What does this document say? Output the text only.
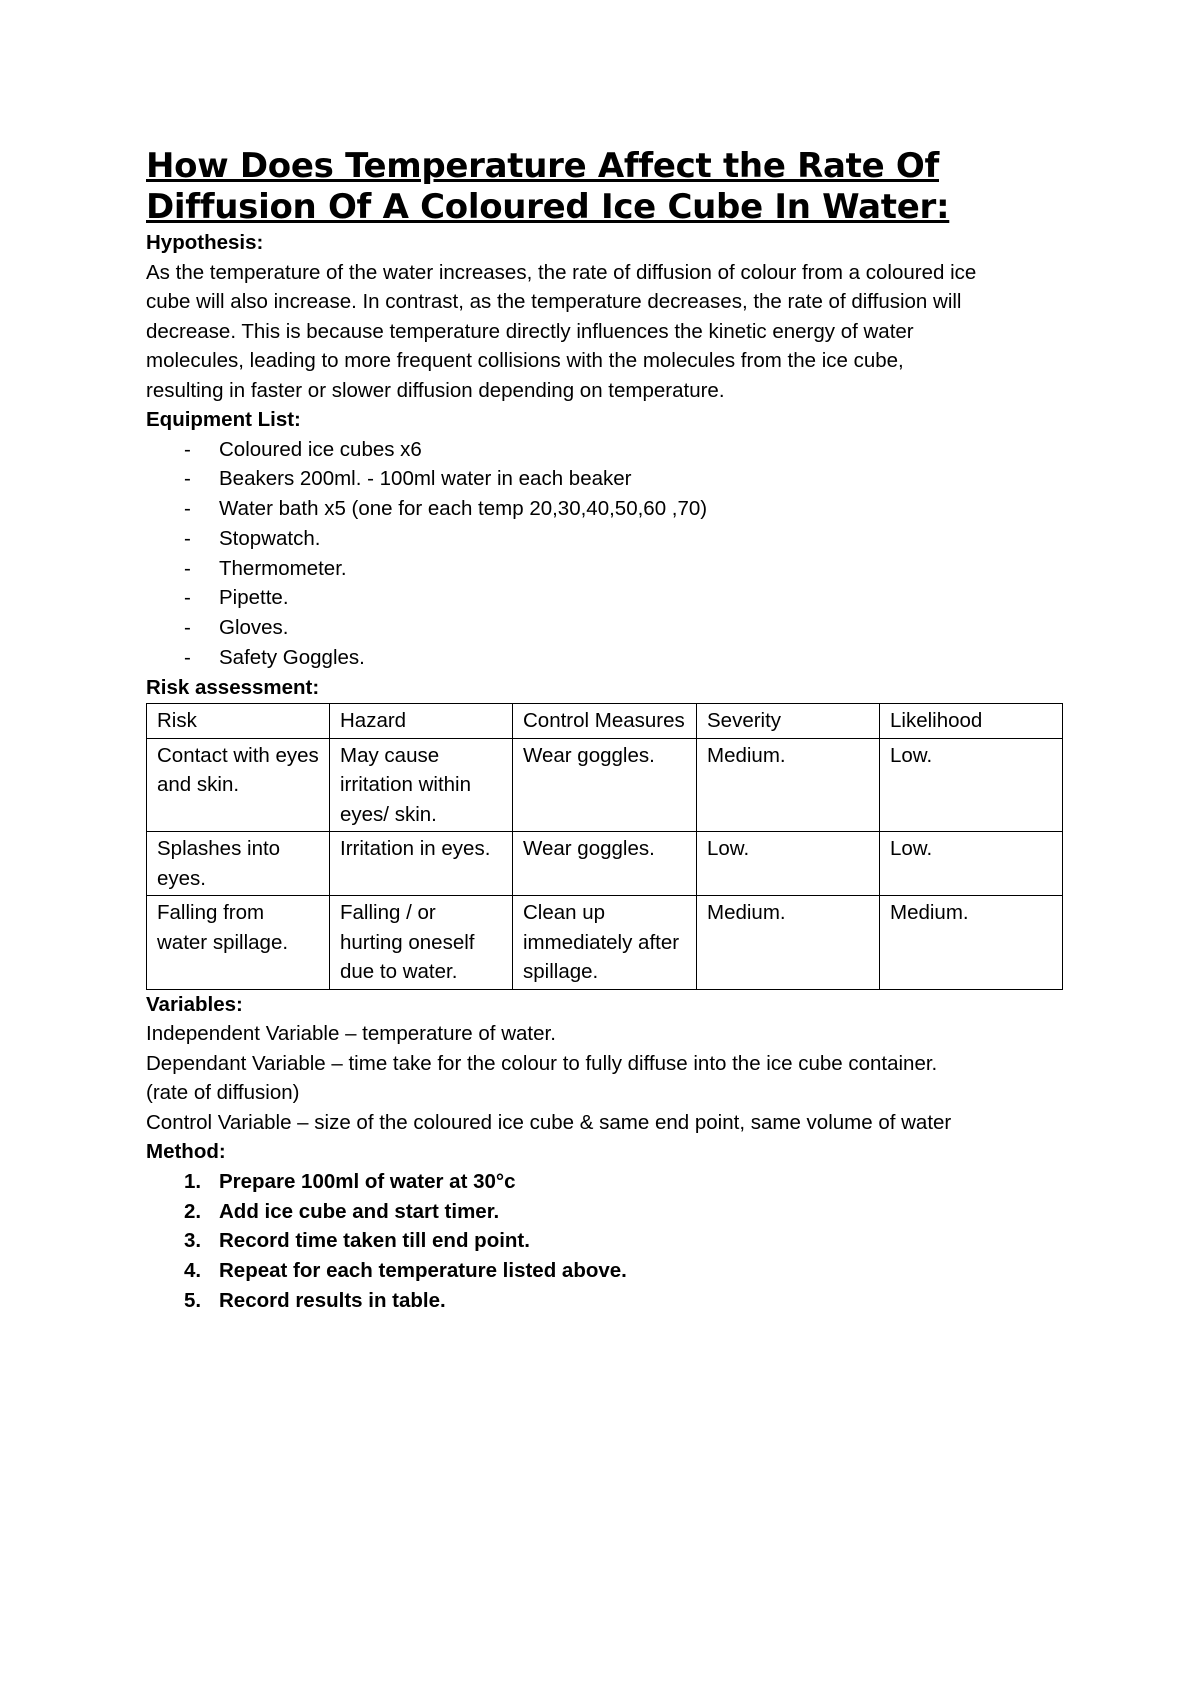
How Does Temperature Affect the Rate Of
Diffusion Of A Coloured Ice Cube In Water:
Hypothesis:

As the temperature of the water increases, the rate of diffusion of colour from a coloured ice

cube will also increase. In contrast, as the temperature decreases, the rate of diffusion will

decrease. This is because temperature directly influences the kinetic energy of water

molecules, leading to more frequent collisions with the molecules from the ice cube,

resulting in faster or slower diffusion depending on temperature.

Equipment List:
- Coloured ice cubes x6
- Beakers 200ml. - 100ml water in each beaker
- Water bath x5 (one for each temp 20,30,40,50,60 ,70)
- Stopwatch.
- Thermometer.
- Pipette.
- Gloves.
- Safety Goggles.
Risk assessment:
Risk	Hazard	Control Measures	Severity	Likelihood
Contact with eyes and skin.	May cause irritation within eyes/ skin.	Wear goggles.	Medium.	Low.
Splashes into eyes.	Irritation in eyes.	Wear goggles.	Low.	Low.
Falling from water spillage.	Falling / or hurting oneself due to water.	Clean up immediately after spillage.	Medium.	Medium.
Variables:

Independent Variable – temperature of water.

Dependant Variable – time take for the colour to fully diffuse into the ice cube container.

(rate of diffusion)

Control Variable – size of the coloured ice cube & same end point, same volume of water

Method:
1. Prepare 100ml of water at 30°c
2. Add ice cube and start timer.
3. Record time taken till end point.
4. Repeat for each temperature listed above.
5. Record results in table.
